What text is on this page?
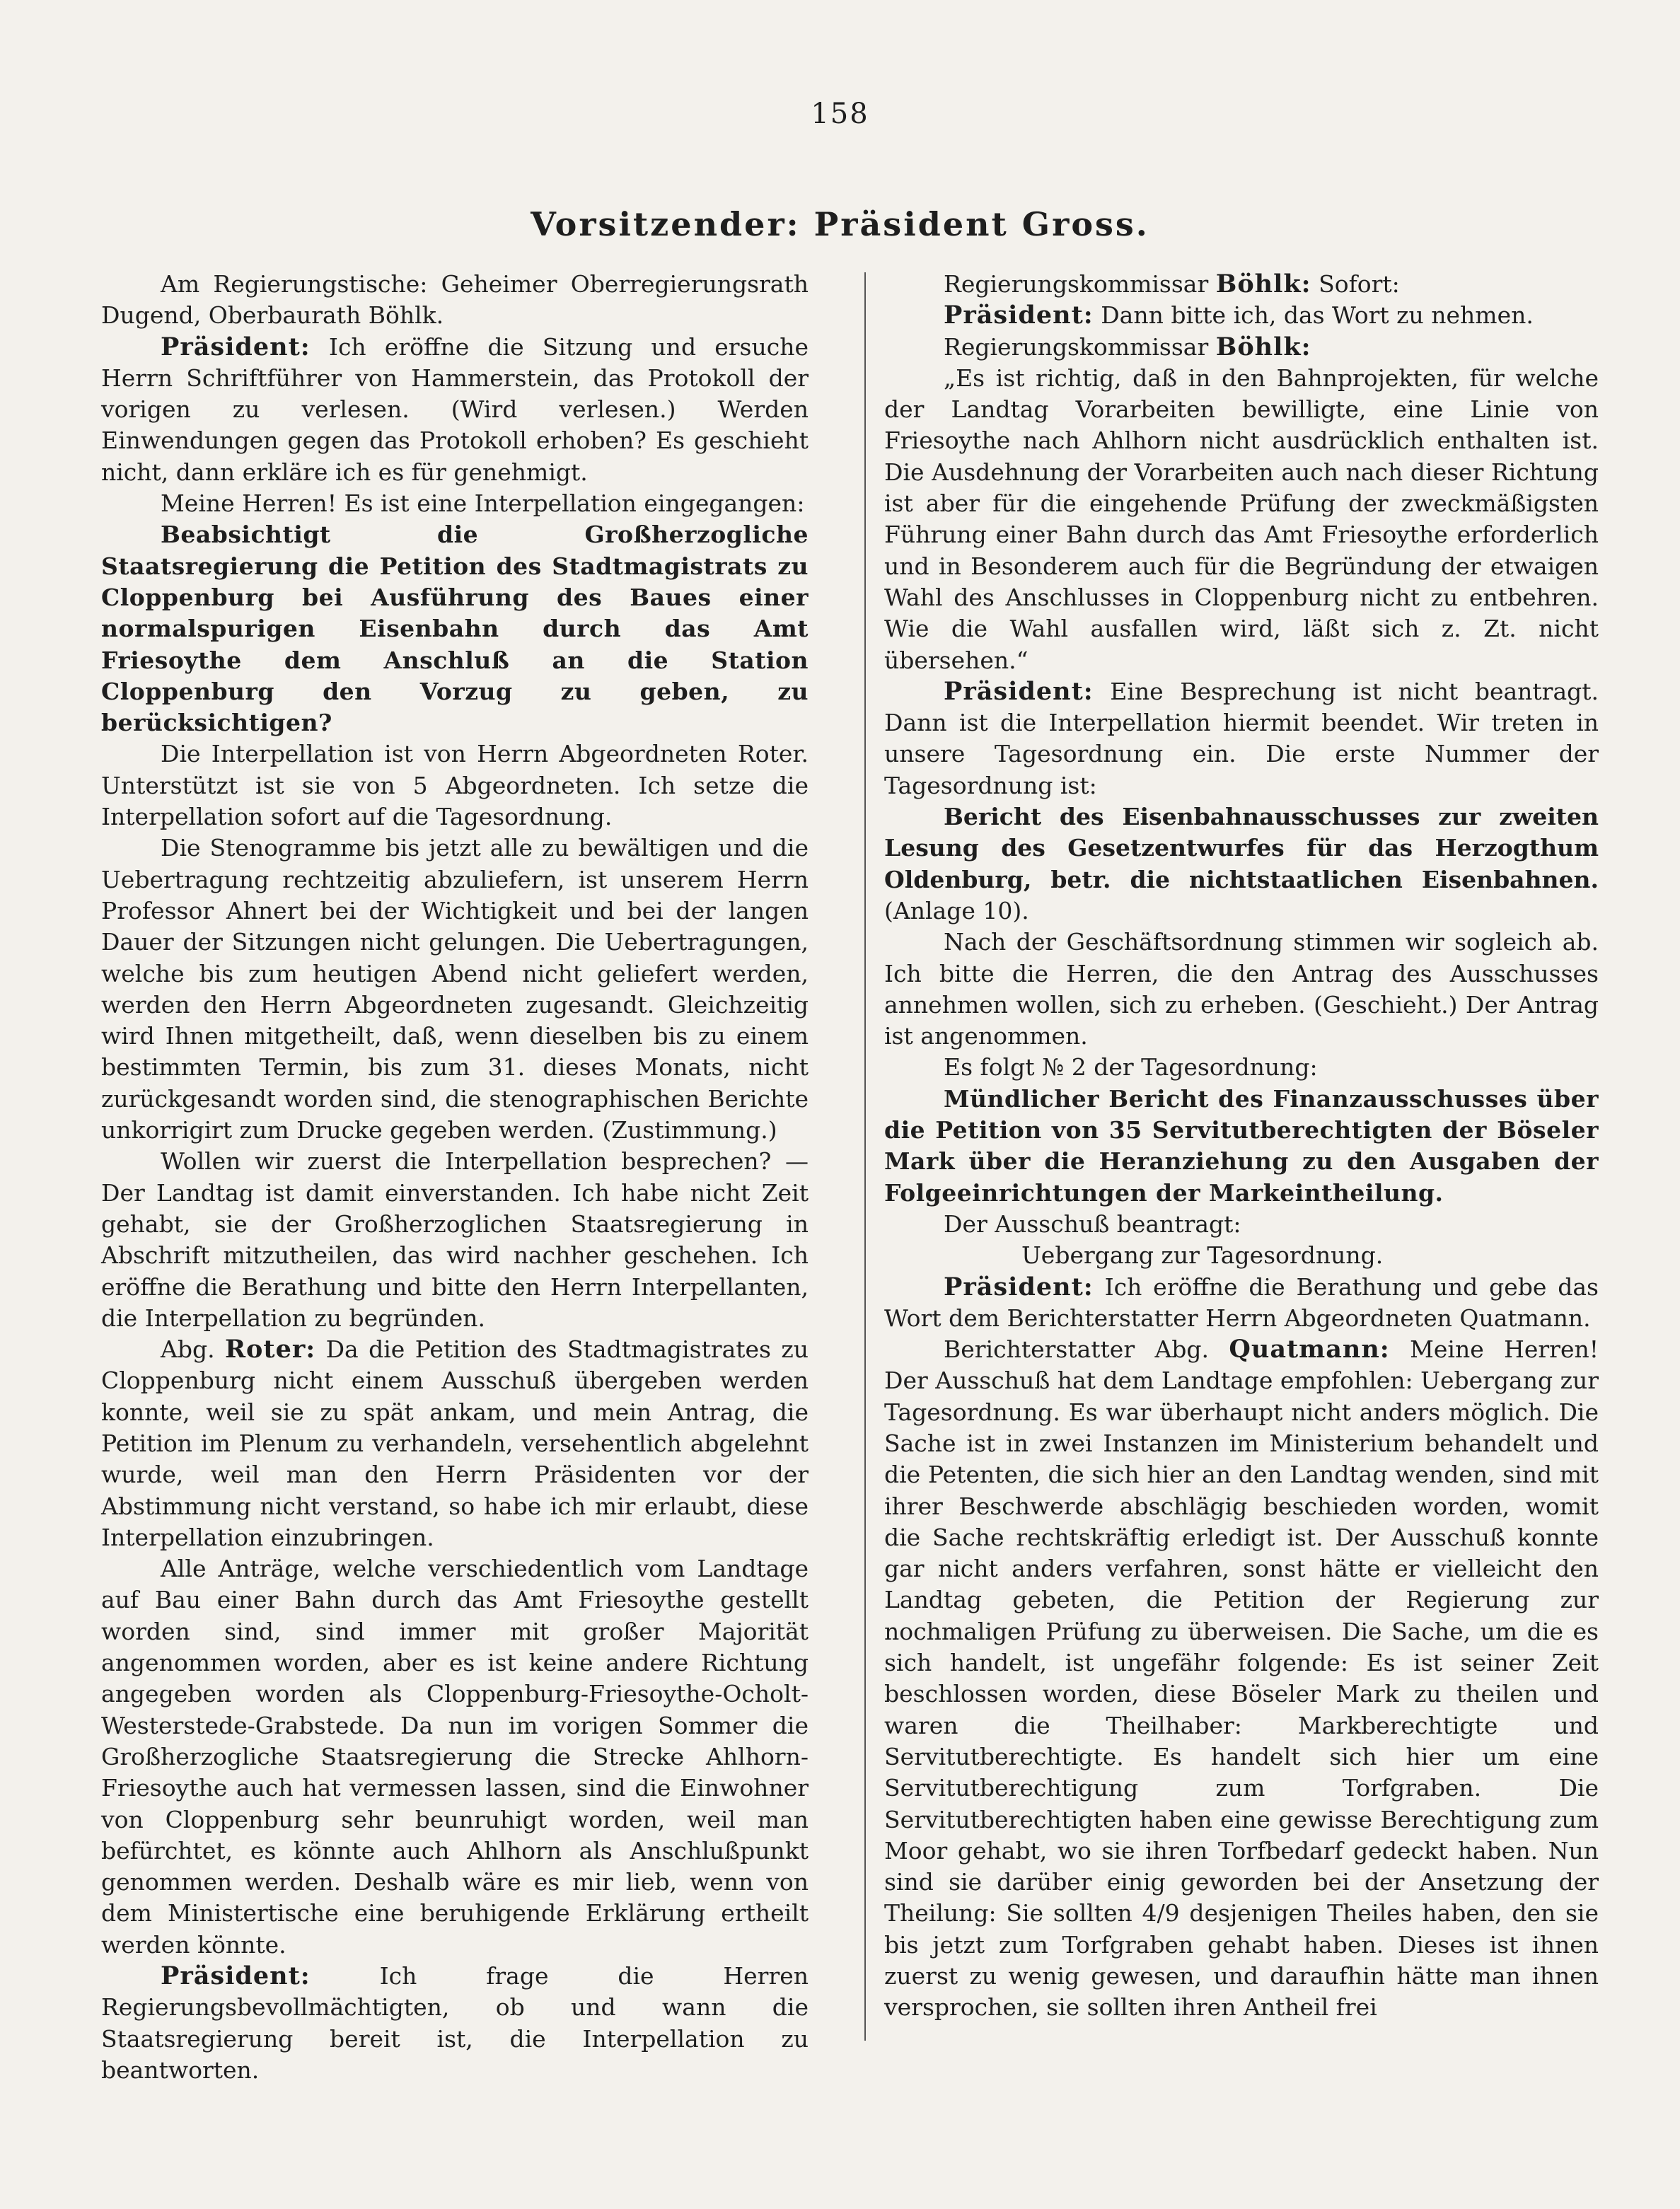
158
Vorsitzender: Präsident Gross.

Am Regierungstische: Geheimer Oberregierungsrath Dugend, Oberbaurath Böhlk.

Präsident: Ich eröffne die Sitzung und ersuche Herrn Schriftführer von Hammerstein, das Protokoll der vorigen zu verlesen. (Wird verlesen.) Werden Einwendungen gegen das Protokoll erhoben? Es geschieht nicht, dann erkläre ich es für genehmigt.

Meine Herren! Es ist eine Interpellation eingegangen:

Beabsichtigt die Großherzogliche Staatsregierung die Petition des Stadtmagistrats zu Cloppenburg bei Ausführung des Baues einer normalspurigen Eisenbahn durch das Amt Friesoythe dem Anschluß an die Station Cloppenburg den Vorzug zu geben, zu berücksichtigen?

Die Interpellation ist von Herrn Abgeordneten Roter. Unterstützt ist sie von 5 Abgeordneten. Ich setze die Interpellation sofort auf die Tagesordnung.

Die Stenogramme bis jetzt alle zu bewältigen und die Uebertragung rechtzeitig abzuliefern, ist unserem Herrn Professor Ahnert bei der Wichtigkeit und bei der langen Dauer der Sitzungen nicht gelungen. Die Uebertragungen, welche bis zum heutigen Abend nicht geliefert werden, werden den Herrn Abgeordneten zugesandt. Gleichzeitig wird Ihnen mitgetheilt, daß, wenn dieselben bis zu einem bestimmten Termin, bis zum 31. dieses Monats, nicht zurückgesandt worden sind, die stenographischen Berichte unkorrigirt zum Drucke gegeben werden. (Zustimmung.)

Wollen wir zuerst die Interpellation besprechen? — Der Landtag ist damit einverstanden. Ich habe nicht Zeit gehabt, sie der Großherzoglichen Staatsregierung in Abschrift mitzutheilen, das wird nachher geschehen. Ich eröffne die Berathung und bitte den Herrn Interpellanten, die Interpellation zu begründen.

Abg. Roter: Da die Petition des Stadtmagistrates zu Cloppenburg nicht einem Ausschuß übergeben werden konnte, weil sie zu spät ankam, und mein Antrag, die Petition im Plenum zu verhandeln, versehentlich abgelehnt wurde, weil man den Herrn Präsidenten vor der Abstimmung nicht verstand, so habe ich mir erlaubt, diese Interpellation einzubringen.

Alle Anträge, welche verschiedentlich vom Landtage auf Bau einer Bahn durch das Amt Friesoythe gestellt worden sind, sind immer mit großer Majorität angenommen worden, aber es ist keine andere Richtung angegeben worden als Cloppenburg-Friesoythe-Ocholt-Westerstede-Grabstede. Da nun im vorigen Sommer die Großherzogliche Staatsregierung die Strecke Ahlhorn-Friesoythe auch hat vermessen lassen, sind die Einwohner von Cloppenburg sehr beunruhigt worden, weil man befürchtet, es könnte auch Ahlhorn als Anschlußpunkt genommen werden. Deshalb wäre es mir lieb, wenn von dem Ministertische eine beruhigende Erklärung ertheilt werden könnte.

Präsident:	Ich frage die Herren Regierungsbevollmächtigten, ob und wann die Staatsregierung bereit ist, die Interpellation zu beantworten.

Regierungskommissar Böhlk: Sofort:

Präsident: Dann bitte ich, das Wort zu nehmen.

Regierungskommissar Böhlk:

„Es ist richtig, daß in den Bahnprojekten, für welche der Landtag Vorarbeiten bewilligte, eine Linie von Friesoythe nach Ahlhorn nicht ausdrücklich enthalten ist. Die Ausdehnung der Vorarbeiten auch nach dieser Richtung ist aber für die eingehende Prüfung der zweckmäßigsten Führung einer Bahn durch das Amt Friesoythe erforderlich und in Besonderem auch für die Begründung der etwaigen Wahl des Anschlusses in Cloppenburg nicht zu entbehren. Wie die Wahl ausfallen wird, läßt sich z. Zt. nicht übersehen.“

Präsident: Eine Besprechung ist nicht beantragt. Dann ist die Interpellation hiermit beendet. Wir treten in unsere Tagesordnung ein. Die erste Nummer der Tagesordnung ist:

Bericht des Eisenbahnausschusses zur zweiten Lesung des Gesetzentwurfes für das Herzogthum Oldenburg, betr. die nichtstaatlichen Eisenbahnen. (Anlage 10).

Nach der Geschäftsordnung stimmen wir sogleich ab. Ich bitte die Herren, die den Antrag des Ausschusses annehmen wollen, sich zu erheben. (Geschieht.) Der Antrag ist angenommen.

Es folgt № 2 der Tagesordnung:

Mündlicher Bericht des Finanzausschusses über die Petition von 35 Servitutberechtigten der Böseler Mark über die Heranziehung zu den Ausgaben der Folgeeinrichtungen der Markeintheilung.

Der Ausschuß beantragt:

Uebergang zur Tagesordnung.

Präsident: Ich eröffne die Berathung und gebe das Wort dem Berichterstatter Herrn Abgeordneten Quatmann.

Berichterstatter Abg. Quatmann: Meine Herren! Der Ausschuß hat dem Landtage empfohlen: Uebergang zur Tagesordnung. Es war überhaupt nicht anders möglich. Die Sache ist in zwei Instanzen im Ministerium behandelt und die Petenten, die sich hier an den Landtag wenden, sind mit ihrer Beschwerde abschlägig beschieden worden, womit die Sache rechtskräftig erledigt ist. Der Ausschuß konnte gar nicht anders verfahren, sonst hätte er vielleicht den Landtag gebeten, die Petition der Regierung zur nochmaligen Prüfung zu überweisen. Die Sache, um die es sich handelt, ist ungefähr folgende: Es ist seiner Zeit beschlossen worden, diese Böseler Mark zu theilen und waren die Theilhaber: Markberechtigte und Servitutberechtigte. Es handelt sich hier um eine Servitutberechtigung zum Torfgraben. Die Servitutberechtigten haben eine gewisse Berechtigung zum Moor gehabt, wo sie ihren Torfbedarf gedeckt haben. Nun sind sie darüber einig geworden bei der Ansetzung der Theilung: Sie sollten 4/9 desjenigen Theiles haben, den sie bis jetzt zum Torfgraben gehabt haben. Dieses ist ihnen zuerst zu wenig gewesen, und daraufhin hätte man ihnen versprochen, sie sollten ihren Antheil frei
